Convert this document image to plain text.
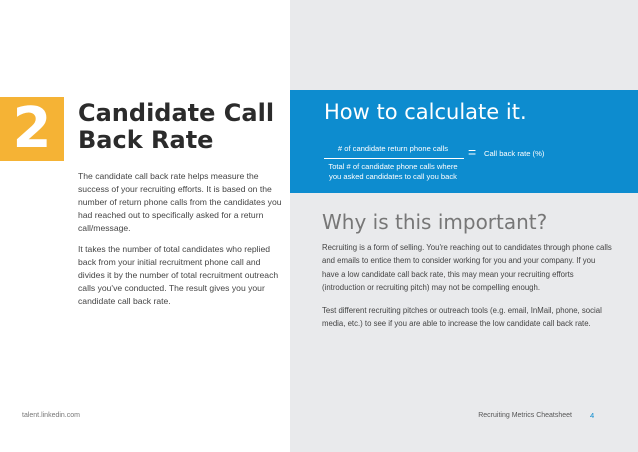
2	Candidate Call
Back Rate

The candidate call back rate helps measure the success of your recruiting efforts. It is based on the number of return phone calls from the candidates you had reached out to specifically asked for a return call/message.

It takes the number of total candidates who replied back from your initial recruitment phone call and divides it by the number of total recruitment outreach calls you've conducted. The result gives you your candidate call back rate.

How to calculate it.
# of candidate return phone calls
Total # of candidate phone calls where you asked candidates to call you back
= Call back rate (%)
Why is this important?

Recruiting is a form of selling. You're reaching out to candidates through phone calls and emails to entice them to consider working for you and your company. If you have a low candidate call back rate, this may mean your recruiting efforts (introduction or recruiting pitch) may not be compelling enough.

Test different recruiting pitches or outreach tools (e.g. email, InMail, phone, social media, etc.) to see if you are able to increase the low candidate call back rate.

talent.linkedin.com	Recruiting Metrics Cheatsheet 4
